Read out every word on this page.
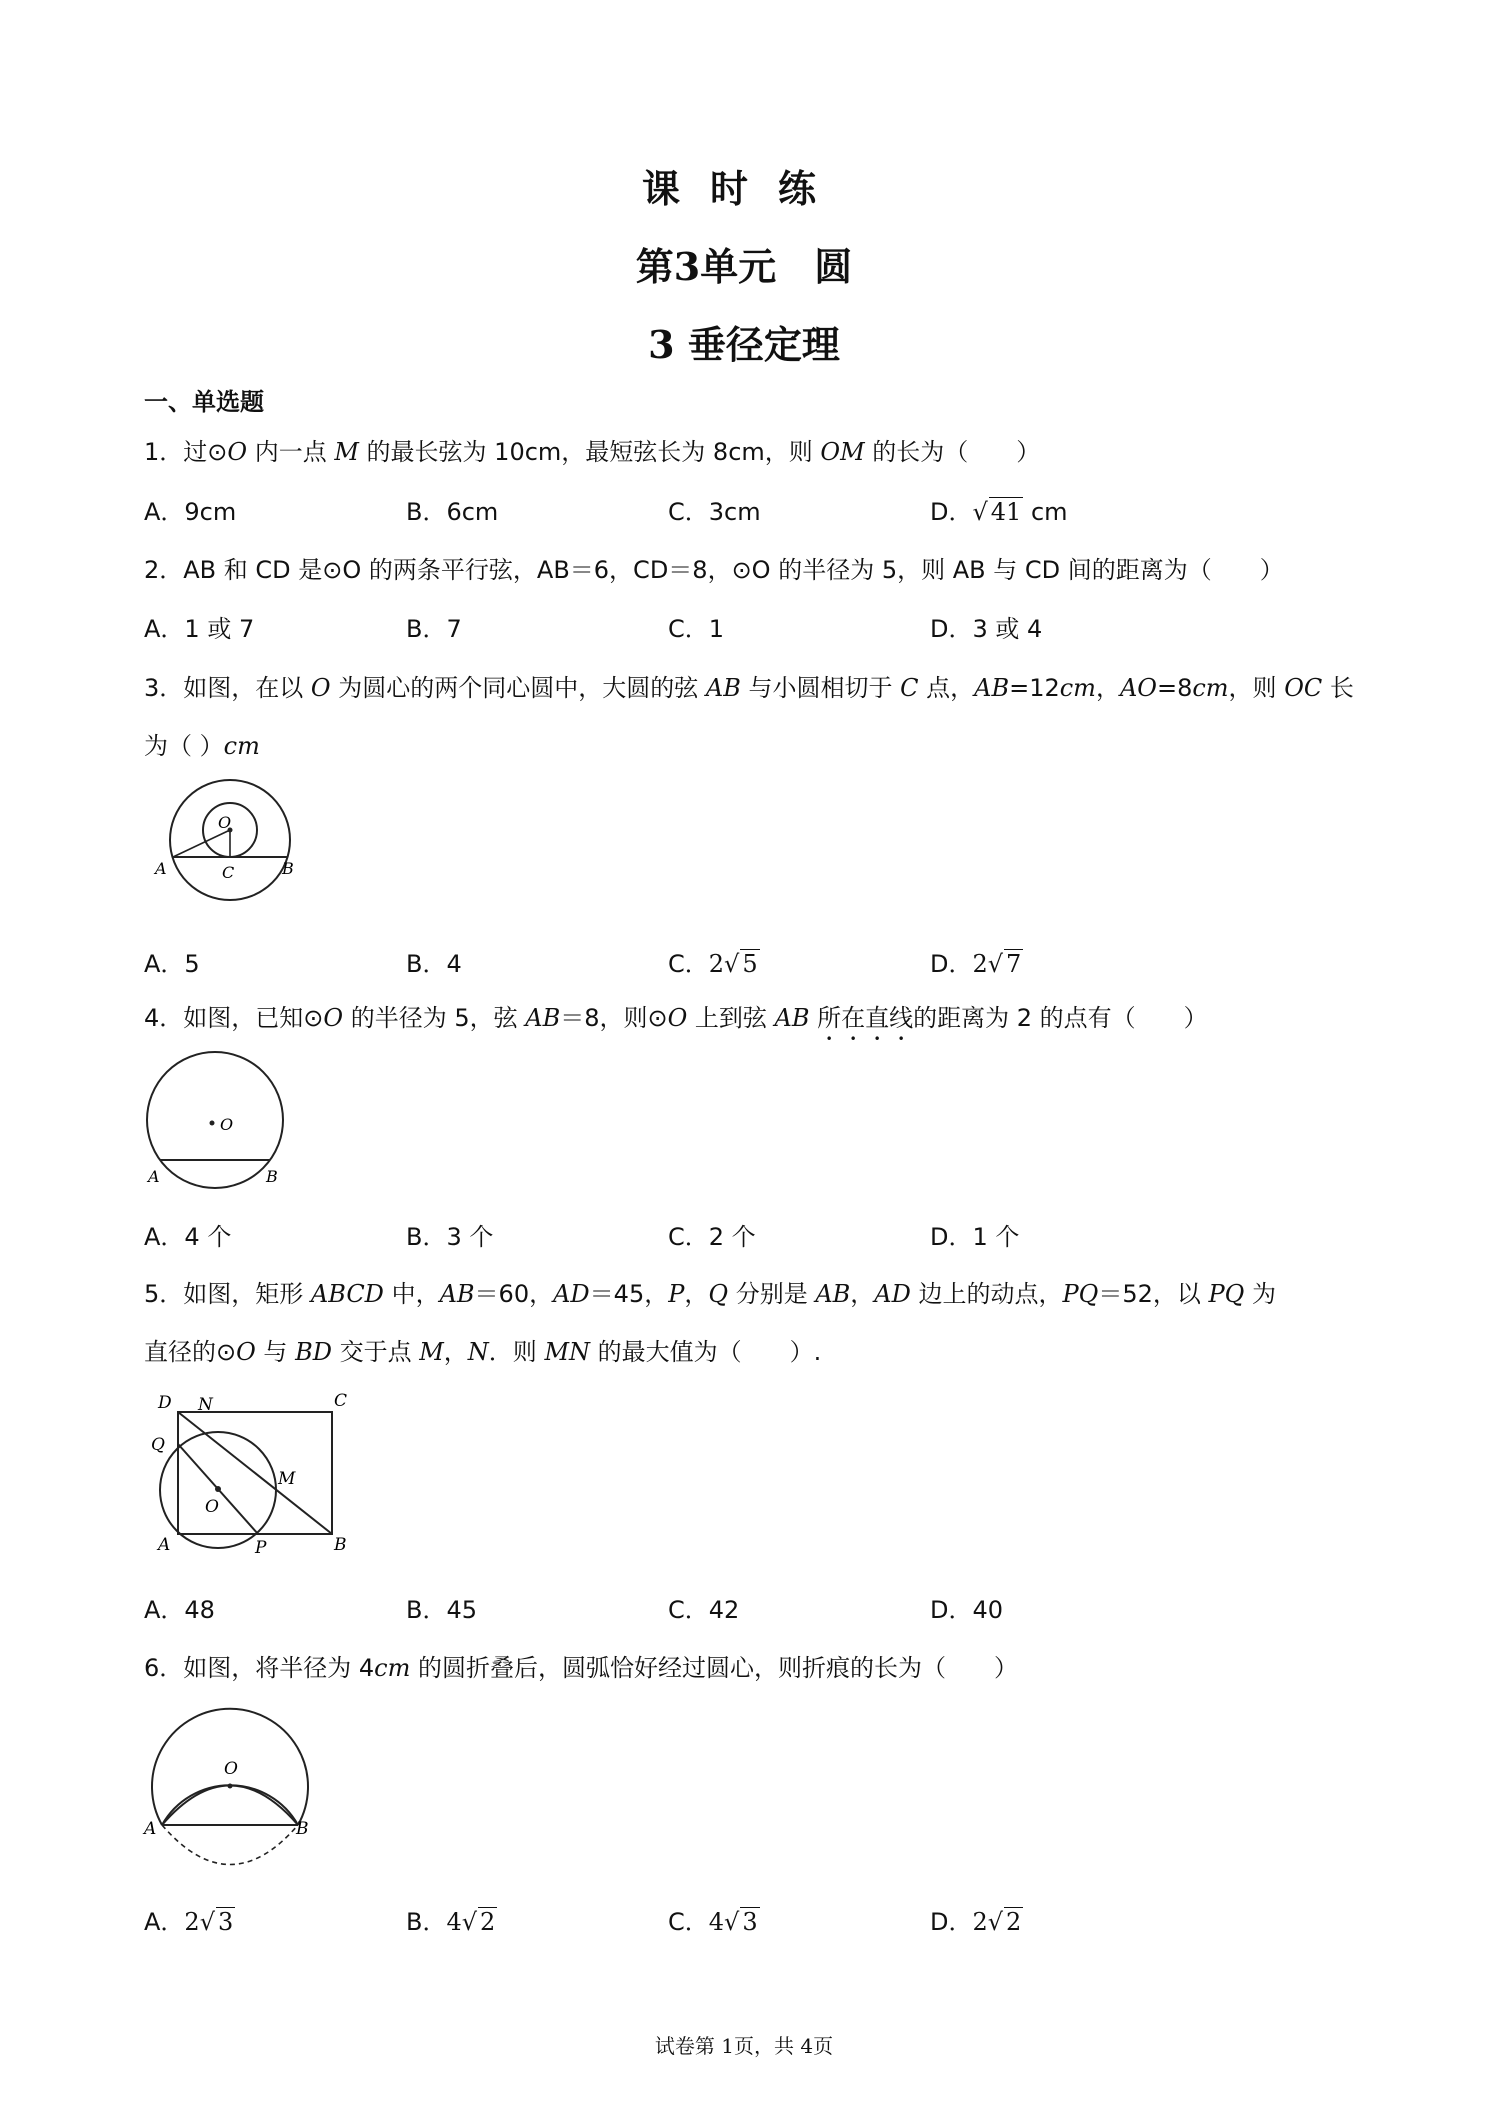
课时练
第3单元　圆
3 垂径定理
一、单选题
1．过⊙O 内一点 M 的最长弦为 10cm，最短弦长为 8cm，则 OM 的长为（　　）
A．9cm	B．6cm	C．3cm	D．√ 41 cm
2．AB 和 CD 是⊙O 的两条平行弦，AB＝6，CD＝8，⊙O 的半径为 5，则 AB 与 CD 间的距离为（　　）
A．1 或 7	B．7	C．1	D．3 或 4
3．如图，在以 O 为圆心的两个同心圆中，大圆的弦 AB 与小圆相切于 C 点，AB=12cm，AO=8cm，则 OC 长
为（ ）cm
O
A	C	B
A．5	B．4	C．2√ 5	D．2√ 7
4．如图，已知⊙O 的半径为 5，弦 AB＝8，则⊙O 上到弦 AB 所在直线的距离为 2 的点有（　　）
O
A	B
A．4 个	B．3 个	C．2 个	D．1 个
5．如图，矩形 ABCD 中，AB＝60，AD＝45，P，Q 分别是 AB，AD 边上的动点，PQ＝52，以 PQ 为
直径的⊙O 与 BD 交于点 M，N．则 MN 的最大值为（　　）.
D N	C
Q
M
O
A	P	B
A．48	B．45	C．42	D．40
6．如图，将半径为 4cm 的圆折叠后，圆弧恰好经过圆心，则折痕的长为（　　）
O
A	B
A．2√ 3	B．4√ 2	C．4√ 3	D．2√ 2
试卷第 1页，共 4页
